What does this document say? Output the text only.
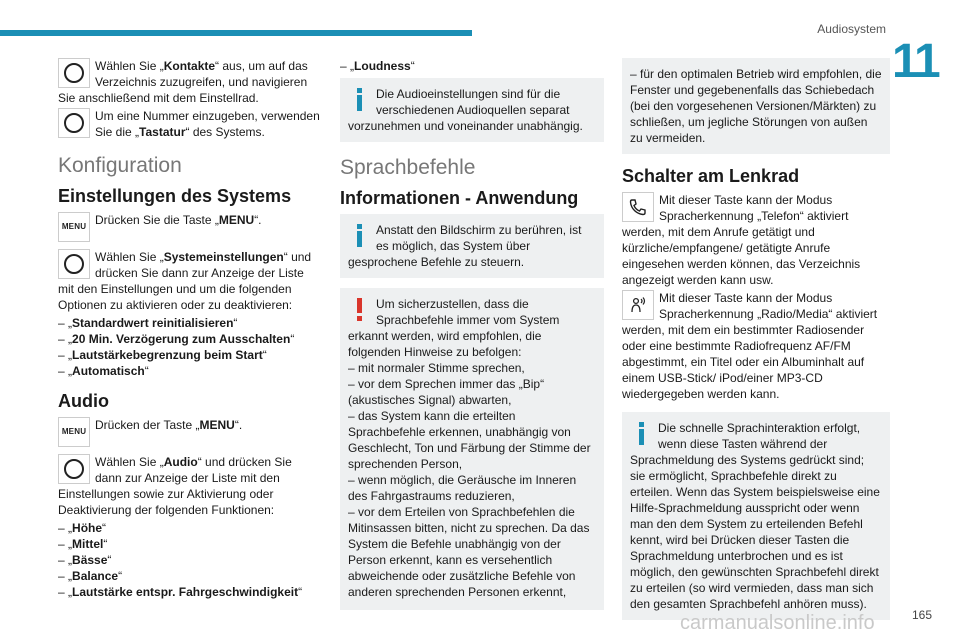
Audiosystem
11
Wählen Sie „Kontakte“ aus, um auf das Verzeichnis zuzugreifen, und navigieren Sie anschließend mit dem Einstellrad.
Um eine Nummer einzugeben, verwenden Sie die „Tastatur“ des Systems.
Konfiguration
Einstellungen des Systems
MENU Drücken Sie die Taste „MENU“.
Wählen Sie „Systemeinstellungen“ und drücken Sie dann zur Anzeige der Liste mit den Einstellungen und um die folgenden Optionen zu aktivieren oder zu deaktivieren:
– „Standardwert reinitialisieren“
– „20 Min. Verzögerung zum Ausschalten“
– „Lautstärkebegrenzung beim Start“
– „Automatisch“
Audio
MENU Drücken der Taste „MENU“.
Wählen Sie „Audio“ und drücken Sie dann zur Anzeige der Liste mit den Einstellungen sowie zur Aktivierung oder Deaktivierung der folgenden Funktionen:
– „Höhe“
– „Mittel“
– „Bässe“
– „Balance“
– „Lautstärke entspr. Fahrgeschwindigkeit“
– „Loudness“
Die Audioeinstellungen sind für die verschiedenen Audioquellen separat vorzunehmen und voneinander unabhängig.
Sprachbefehle
Informationen - Anwendung
Anstatt den Bildschirm zu berühren, ist es möglich, das System über gesprochene Befehle zu steuern.
Um sicherzustellen, dass die Sprachbefehle immer vom System erkannt werden, wird empfohlen, die folgenden Hinweise zu befolgen:
– mit normaler Stimme sprechen,
– vor dem Sprechen immer das „Bip“ (akustisches Signal) abwarten,
– das System kann die erteilten Sprachbefehle erkennen, unabhängig von Geschlecht, Ton und Färbung der Stimme der sprechenden Person,
– wenn möglich, die Geräusche im Inneren des Fahrgastraums reduzieren,
– vor dem Erteilen von Sprachbefehlen die Mitinsassen bitten, nicht zu sprechen. Da das System die Befehle unabhängig von der Person erkennt, kann es versehentlich abweichende oder zusätzliche Befehle von anderen sprechenden Personen erkennt,
– für den optimalen Betrieb wird empfohlen, die Fenster und gegebenenfalls das Schiebedach (bei den vorgesehenen Versionen/Märkten) zu schließen, um jegliche Störungen von außen zu vermeiden.
Schalter am Lenkrad
Mit dieser Taste kann der Modus Spracherkennung „Telefon“ aktiviert werden, mit dem Anrufe getätigt und kürzliche/empfangene/ getätigte Anrufe eingesehen werden können, das Verzeichnis angezeigt werden kann usw.
Mit dieser Taste kann der Modus Spracherkennung „Radio/Media“ aktiviert werden, mit dem ein bestimmter Radiosender oder eine bestimmte Radiofrequenz AF/FM abgestimmt, ein Titel oder ein Albuminhalt auf einem USB-Stick/ iPod/einer MP3-CD wiedergegeben werden kann.
Die schnelle Sprachinteraktion erfolgt, wenn diese Tasten während der Sprachmeldung des Systems gedrückt sind; sie ermöglicht, Sprachbefehle direkt zu erteilen. Wenn das System beispielsweise eine Hilfe-Sprachmeldung ausspricht oder wenn man den dem System zu erteilenden Befehl kennt, wird bei Drücken dieser Tasten die Sprachmeldung unterbrochen und es ist möglich, den gewünschten Sprachbefehl direkt zu erteilen (so wird vermieden, dass man sich den gesamten Sprachbefehl anhören muss).
carmanualsonline.info	165
